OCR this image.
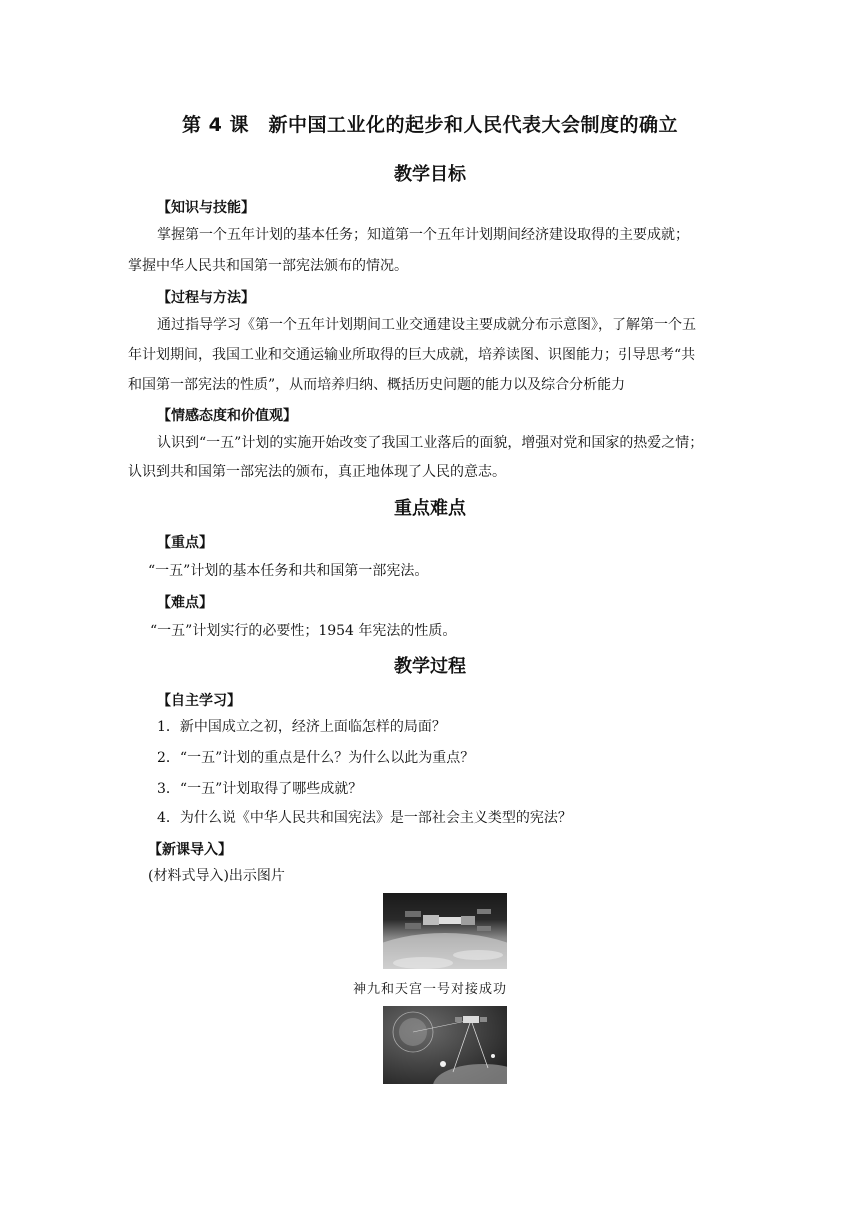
第 4 课　新中国工业化的起步和人民代表大会制度的确立
教学目标
【知识与技能】
掌握第一个五年计划的基本任务；知道第一个五年计划期间经济建设取得的主要成就；
掌握中华人民共和国第一部宪法颁布的情况。
【过程与方法】
通过指导学习《第一个五年计划期间工业交通建设主要成就分布示意图》，了解第一个五
年计划期间，我国工业和交通运输业所取得的巨大成就，培养读图、识图能力；引导思考“共
和国第一部宪法的性质”，从而培养归纳、概括历史问题的能力以及综合分析能力
【情感态度和价值观】
认识到“一五”计划的实施开始改变了我国工业落后的面貌，增强对党和国家的热爱之情；
认识到共和国第一部宪法的颁布，真正地体现了人民的意志。
重点难点
【重点】
“一五”计划的基本任务和共和国第一部宪法。
【难点】
“一五”计划实行的必要性；1954 年宪法的性质。
教学过程
【自主学习】
1．新中国成立之初，经济上面临怎样的局面？
2．“一五”计划的重点是什么？为什么以此为重点？
3．“一五”计划取得了哪些成就？
4．为什么说《中华人民共和国宪法》是一部社会主义类型的宪法？
【新课导入】
(材料式导入)出示图片
神九和天宫一号对接成功
